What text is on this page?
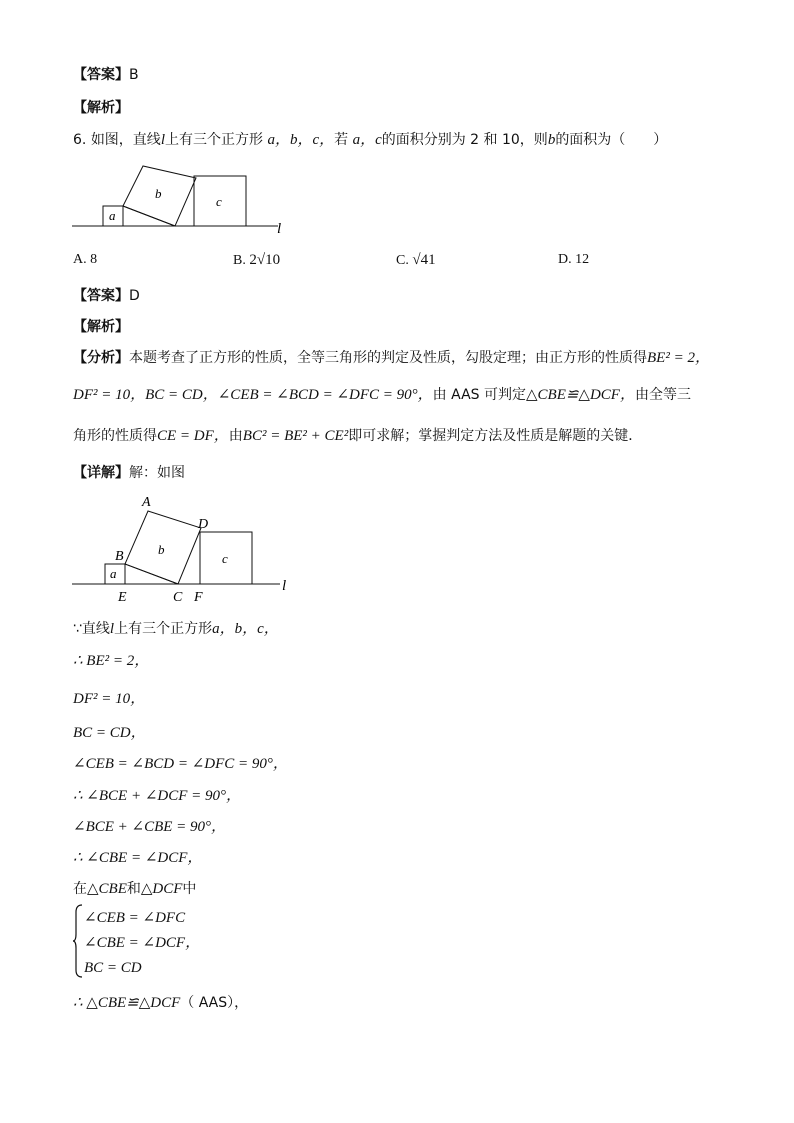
【答案】B
【解析】
6. 如图，直线l上有三个正方形 a，b，c，若 a，c的面积分别为 2 和 10，则b的面积为（　　）
a
b
c
l
A. 8	B. 2√10	C. √41	D. 12
【答案】D
【解析】
【分析】本题考查了正方形的性质，全等三角形的判定及性质，勾股定理；由正方形的性质得BE² = 2，
DF² = 10，BC = CD，∠CEB = ∠BCD = ∠DFC = 90°，由 AAS 可判定△CBE≌△DCF，由全等三
角形的性质得CE = DF，由BC² = BE² + CE²即可求解；掌握判定方法及性质是解题的关键．
【详解】解：如图
A
B
D
E	C F
a
b
c
l
∵直线l上有三个正方形a，b，c，
∴ BE² = 2，
DF² = 10，
BC = CD，
∠CEB = ∠BCD = ∠DFC = 90°，
∴ ∠BCE + ∠DCF = 90°，
∠BCE + ∠CBE = 90°，
∴ ∠CBE = ∠DCF，
在△CBE和△DCF中
∠CEB = ∠DFC
∠CBE = ∠DCF，
BC = CD
∴ △CBE≌△DCF（ AAS），
